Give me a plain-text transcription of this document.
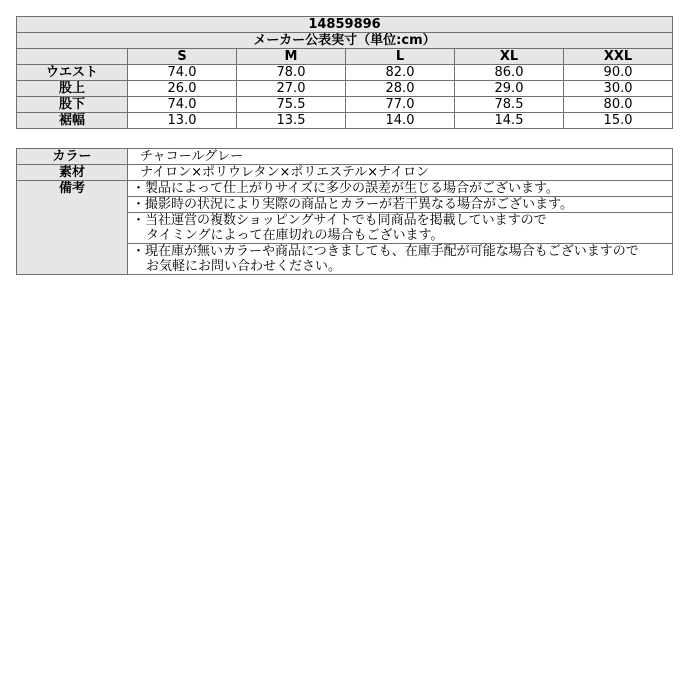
14859896					
メーカー公表実寸（単位:cm）					
	S	M	L	XL	XXL
ウエスト	74.0	78.0	82.0	86.0	90.0
股上	26.0	27.0	28.0	29.0	30.0
股下	74.0	75.5	77.0	78.5	80.0
裾幅	13.0	13.5	14.0	14.5	15.0
カラー	チャコールグレー
素材	ナイロン×ポリウレタン×ポリエステル×ナイロン
備考	・製品によって仕上がりサイズに多少の誤差が生じる場合がございます。

	・撮影時の状況により実際の商品とカラーが若干異なる場合がございます。

	・当社運営の複数ショッピングサイトでも同商品を掲載していますので
タイミングによって在庫切れの場合もございます。

	・現在庫が無いカラーや商品につきましても、在庫手配が可能な場合もございますので
お気軽にお問い合わせください。
